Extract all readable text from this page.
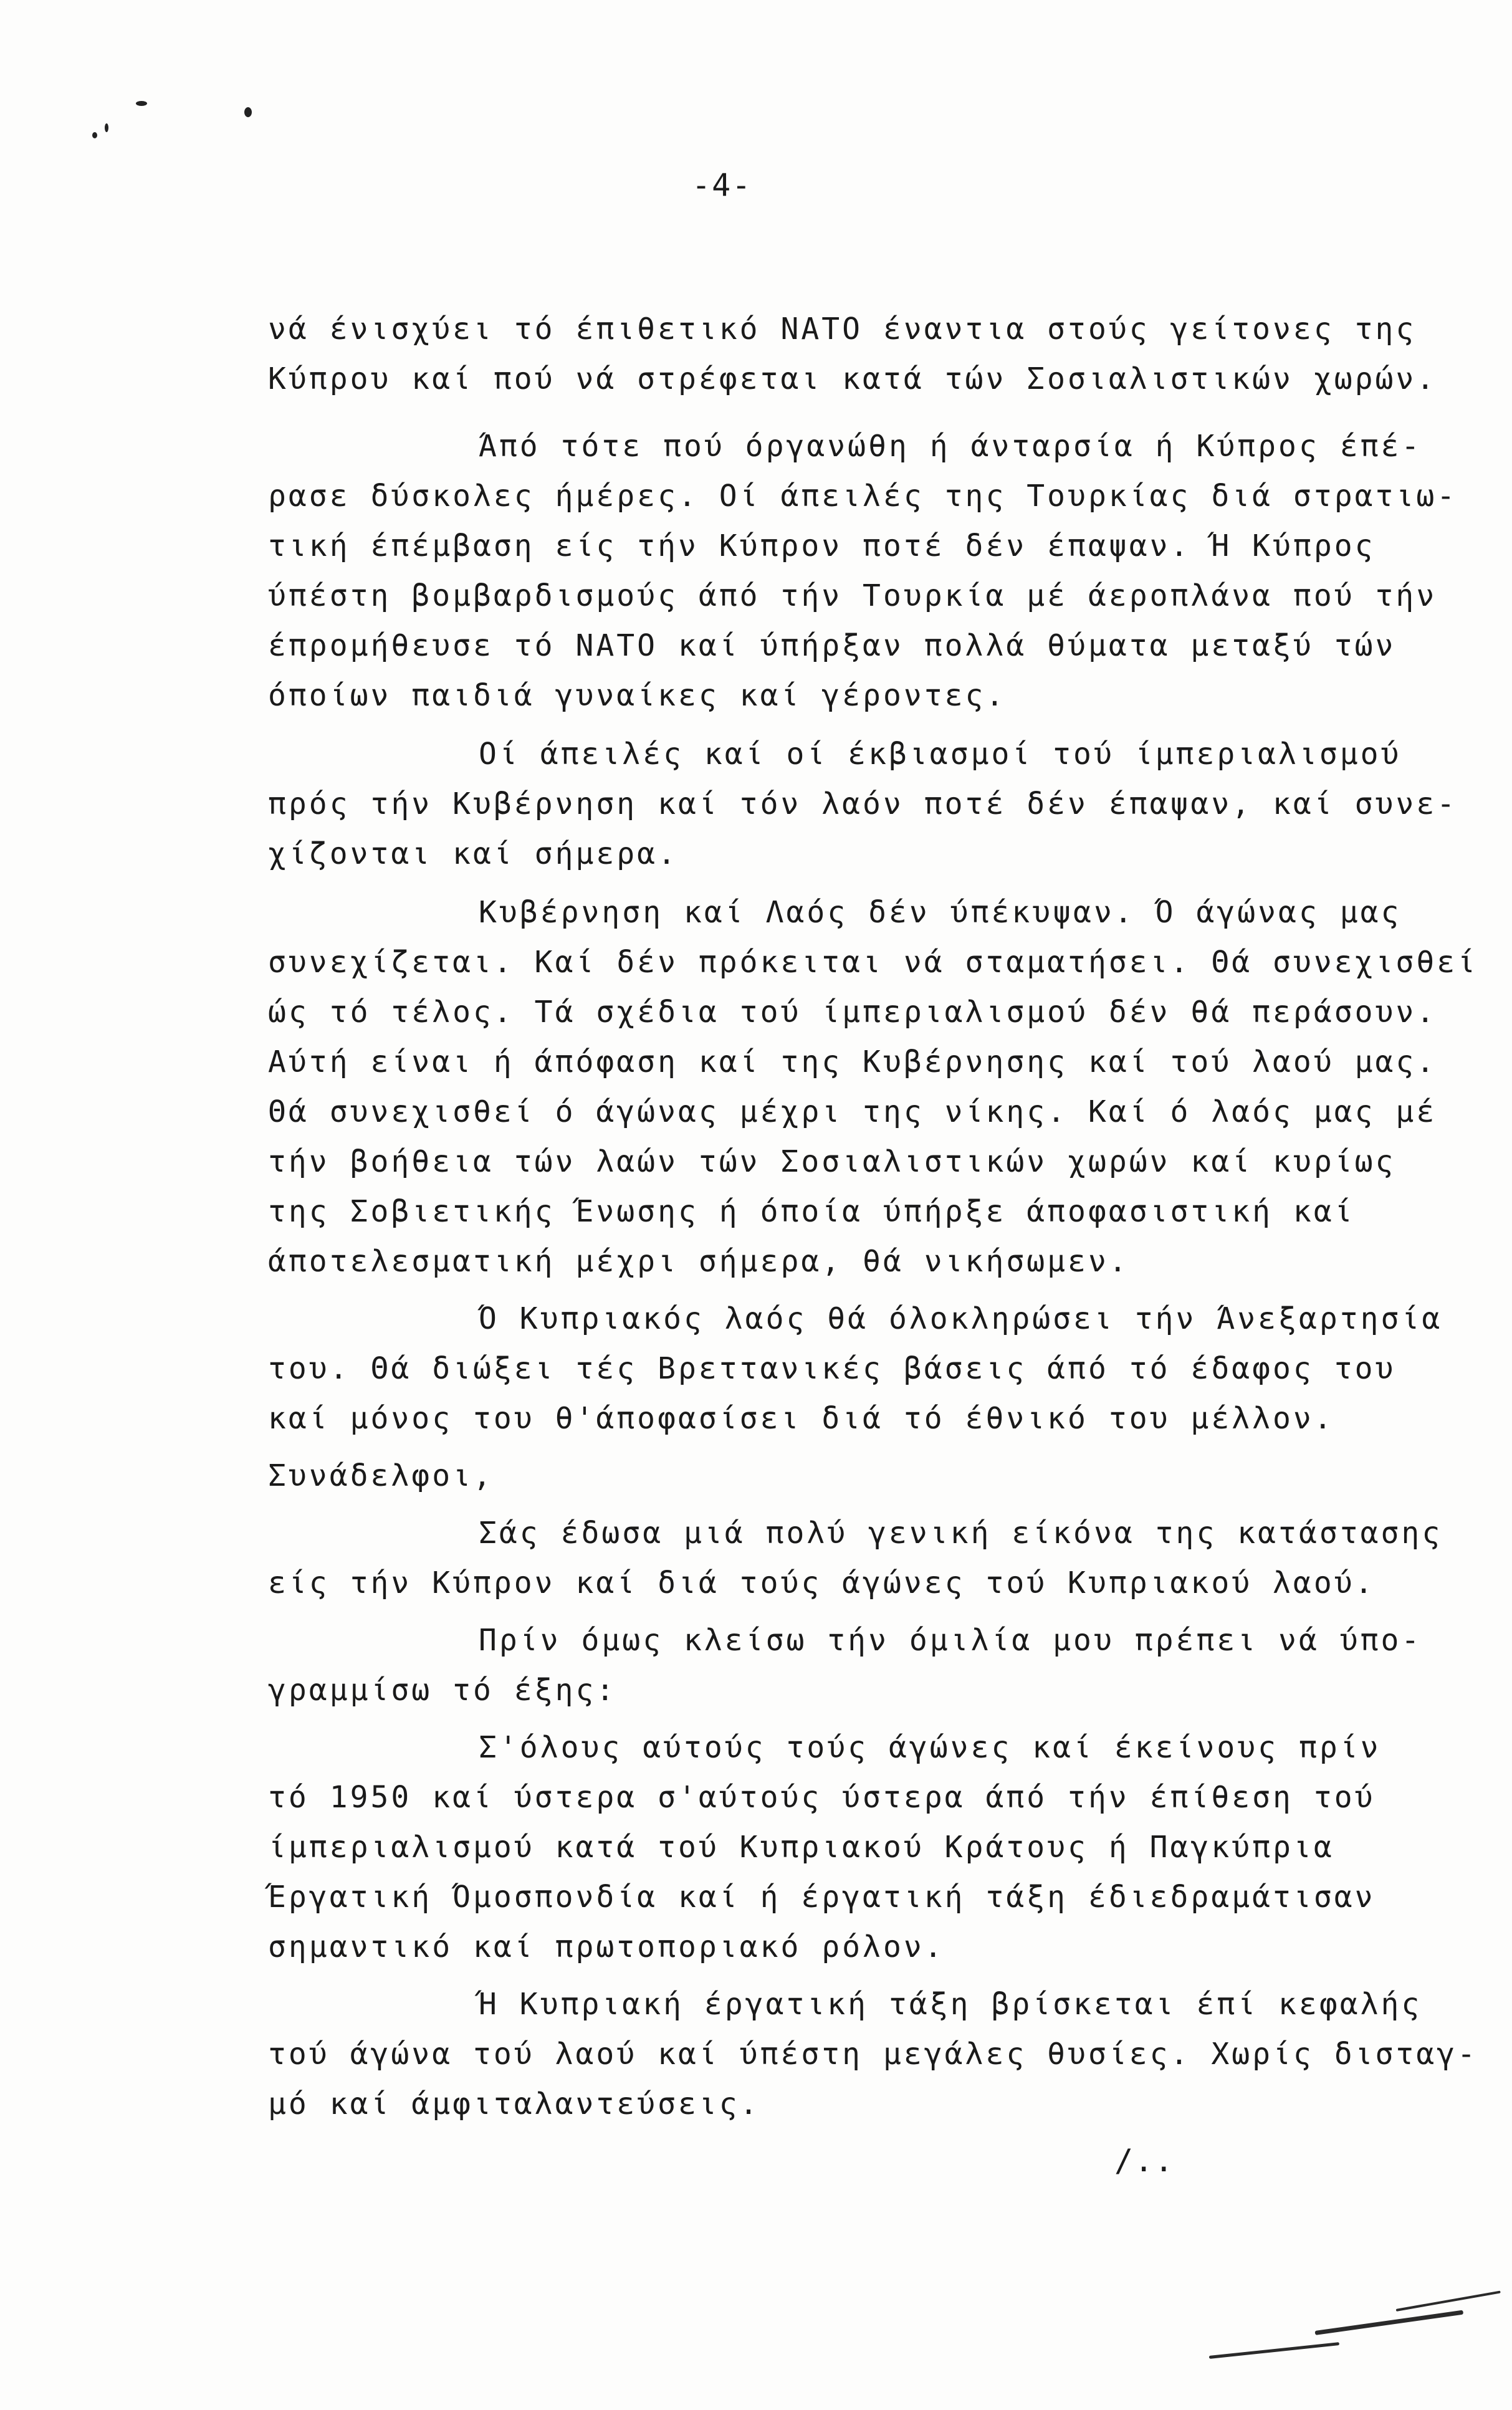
-4-
νά ένισχύει τό έπιθετικό ΝΑΤΟ έναντια στούς γείτονες της
Κύπρου καί πού νά στρέφεται κατά τών Σοσιαλιστικών χωρών.
Άπό τότε πού όργανώθη ή άνταρσία ή Κύπρος έπέ-
ρασε δύσκολες ήμέρες. Οί άπειλές της Τουρκίας διά στρατιω-
τική έπέμβαση είς τήν Κύπρον ποτέ δέν έπαψαν. Ή Κύπρος
ύπέστη βομβαρδισμούς άπό τήν Τουρκία μέ άεροπλάνα πού τήν
έπρομήθευσε τό ΝΑΤΟ καί ύπήρξαν πολλά θύματα μεταξύ τών
όποίων παιδιά γυναίκες καί γέροντες.
Οί άπειλές καί οί έκβιασμοί τού ίμπεριαλισμού
πρός τήν Κυβέρνηση καί τόν λαόν ποτέ δέν έπαψαν, καί συνε-
χίζονται καί σήμερα.
Κυβέρνηση καί Λαός δέν ύπέκυψαν. Ό άγώνας μας
συνεχίζεται. Καί δέν πρόκειται νά σταματήσει. Θά συνεχισθεί
ώς τό τέλος. Τά σχέδια τού ίμπεριαλισμού δέν θά περάσουν.
Αύτή είναι ή άπόφαση καί της Κυβέρνησης καί τού λαού μας.
Θά συνεχισθεί ό άγώνας μέχρι της νίκης. Καί ό λαός μας μέ
τήν βοήθεια τών λαών τών Σοσιαλιστικών χωρών καί κυρίως
της Σοβιετικής Ένωσης ή όποία ύπήρξε άποφασιστική καί
άποτελεσματική μέχρι σήμερα, θά νικήσωμεν.
Ό Κυπριακός λαός θά όλοκληρώσει τήν Άνεξαρτησία
του. Θά διώξει τές Βρεττανικές βάσεις άπό τό έδαφος του
καί μόνος του θ'άποφασίσει διά τό έθνικό του μέλλον.
Συνάδελφοι,
Σάς έδωσα μιά πολύ γενική είκόνα της κατάστασης
είς τήν Κύπρον καί διά τούς άγώνες τού Κυπριακού λαού.
Πρίν όμως κλείσω τήν όμιλία μου πρέπει νά ύπο-
γραμμίσω τό έξης:
Σ'όλους αύτούς τούς άγώνες καί έκείνους πρίν
τό 1950 καί ύστερα σ'αύτούς ύστερα άπό τήν έπίθεση τού
ίμπεριαλισμού κατά τού Κυπριακού Κράτους ή Παγκύπρια
Έργατική Όμοσπονδία καί ή έργατική τάξη έδιεδραμάτισαν
σημαντικό καί πρωτοποριακό ρόλον.
Ή Κυπριακή έργατική τάξη βρίσκεται έπί κεφαλής
τού άγώνα τού λαού καί ύπέστη μεγάλες θυσίες. Χωρίς δισταγ-
μό καί άμφιταλαντεύσεις.
/..
